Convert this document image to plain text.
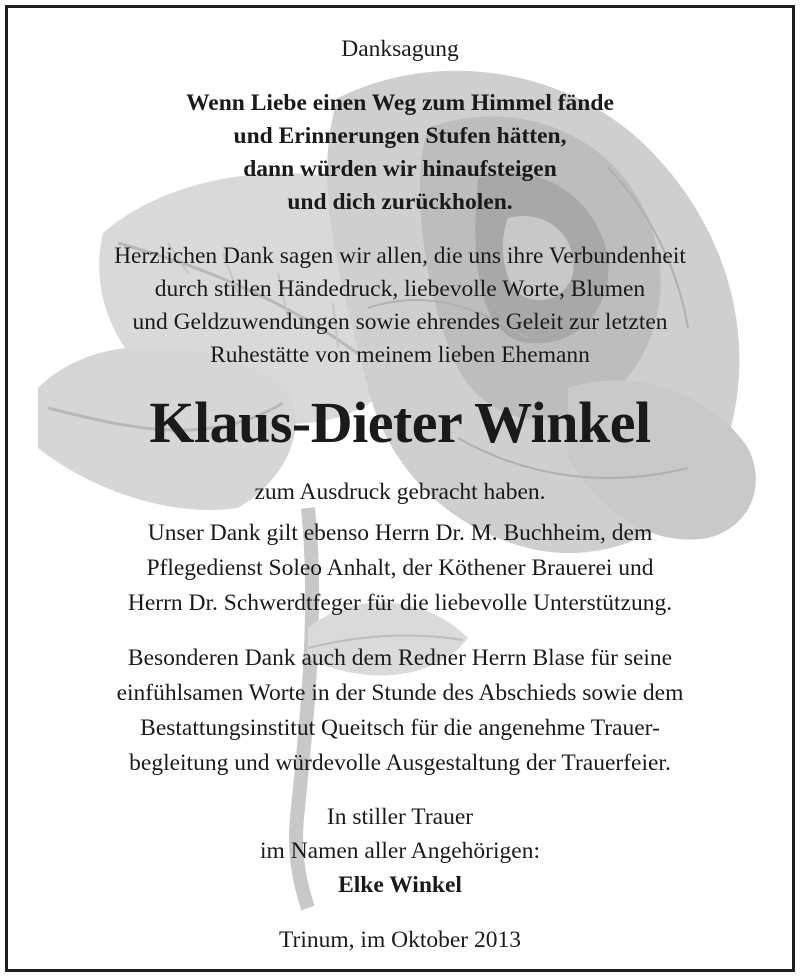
Danksagung
Wenn Liebe einen Weg zum Himmel fände
und Erinnerungen Stufen hätten,
dann würden wir hinaufsteigen
und dich zurückholen.
Herzlichen Dank sagen wir allen, die uns ihre Verbundenheit
durch stillen Händedruck, liebevolle Worte, Blumen
und Geldzuwendungen sowie ehrendes Geleit zur letzten
Ruhestätte von meinem lieben Ehemann
Klaus-Dieter Winkel
zum Ausdruck gebracht haben.
Unser Dank gilt ebenso Herrn Dr. M. Buchheim, dem
Pflegedienst Soleo Anhalt, der Köthener Brauerei und
Herrn Dr. Schwerdtfeger für die liebevolle Unterstützung.
Besonderen Dank auch dem Redner Herrn Blase für seine
einfühlsamen Worte in der Stunde des Abschieds sowie dem
Bestattungsinstitut Queitsch für die angenehme Trauer-
begleitung und würdevolle Ausgestaltung der Trauerfeier.
In stiller Trauer
im Namen aller Angehörigen:
Elke Winkel
Trinum, im Oktober 2013
